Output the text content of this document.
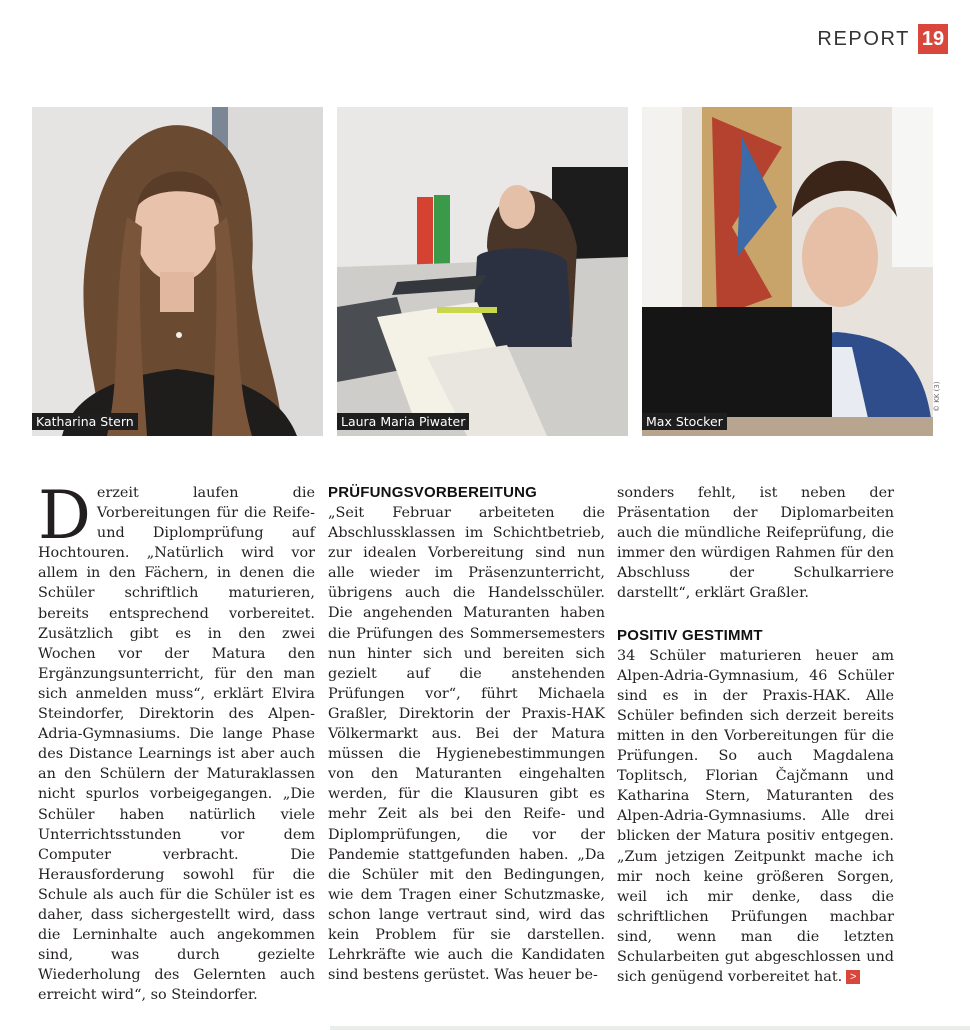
REPORT 19
Katharina Stern	Laura Maria Piwater	Max Stocker
© KK (3)

Derzeit laufen die Vorbereitungen für die Reife- und Diplomprüfung auf Hochtouren. „Natürlich wird vor allem in den Fächern, in denen die Schüler schriftlich maturieren, bereits entsprechend vorbereitet. Zusätzlich gibt es in den zwei Wochen vor der Matura den Ergänzungsunterricht, für den man sich anmelden muss“, erklärt Elvira Steindorfer, Direktorin des Alpen-Adria-Gymnasiums. Die lange Phase des Distance Learnings ist aber auch an den Schülern der Maturaklassen nicht spurlos vorbeigegangen. „Die Schüler haben natürlich viele Unterrichtsstunden vor dem Computer verbracht. Die Herausforderung sowohl für die Schule als auch für die Schüler ist es daher, dass sichergestellt wird, dass die Lerninhalte auch angekommen sind, was durch gezielte Wiederholung des Gelernten auch erreicht wird“, so Steindorfer.

PRÜFUNGSVORBEREITUNG

„Seit Februar arbeiteten die Abschlussklassen im Schichtbetrieb, zur idealen Vorbereitung sind nun alle wieder im Präsenzunterricht, übrigens auch die Handelsschüler. Die angehenden Maturanten haben die Prüfungen des Sommersemesters nun hinter sich und bereiten sich gezielt auf die anstehenden Prüfungen vor“, führt Michaela Graßler, Direktorin der Praxis-HAK Völkermarkt aus. Bei der Matura müssen die Hygienebestimmungen von den Maturanten eingehalten werden, für die Klausuren gibt es mehr Zeit als bei den Reife- und Diplomprüfungen, die vor der Pandemie stattgefunden haben. „Da die Schüler mit den Bedingungen, wie dem Tragen einer Schutzmaske, schon lange vertraut sind, wird das kein Problem für sie darstellen. Lehrkräfte wie auch die Kandidaten sind bestens gerüstet. Was heuer be-

sonders fehlt, ist neben der Präsentation der Diplomarbeiten auch die mündliche Reifeprüfung, die immer den würdigen Rahmen für den Abschluss der Schulkarriere darstellt“, erklärt Graßler.

POSITIV GESTIMMT

34 Schüler maturieren heuer am Alpen-Adria-Gymnasium, 46 Schüler sind es in der Praxis-HAK. Alle Schüler befinden sich derzeit bereits mitten in den Vorbereitungen für die Prüfungen. So auch Magdalena Toplitsch, Florian Čajčmann und Katharina Stern, Maturanten des Alpen-Adria-Gymnasiums. Alle drei blicken der Matura positiv entgegen. „Zum jetzigen Zeitpunkt mache ich mir noch keine größeren Sorgen, weil ich mir denke, dass die schriftlichen Prüfungen machbar sind, wenn man die letzten Schularbeiten gut abgeschlossen und sich genügend vorbereitet hat. >
